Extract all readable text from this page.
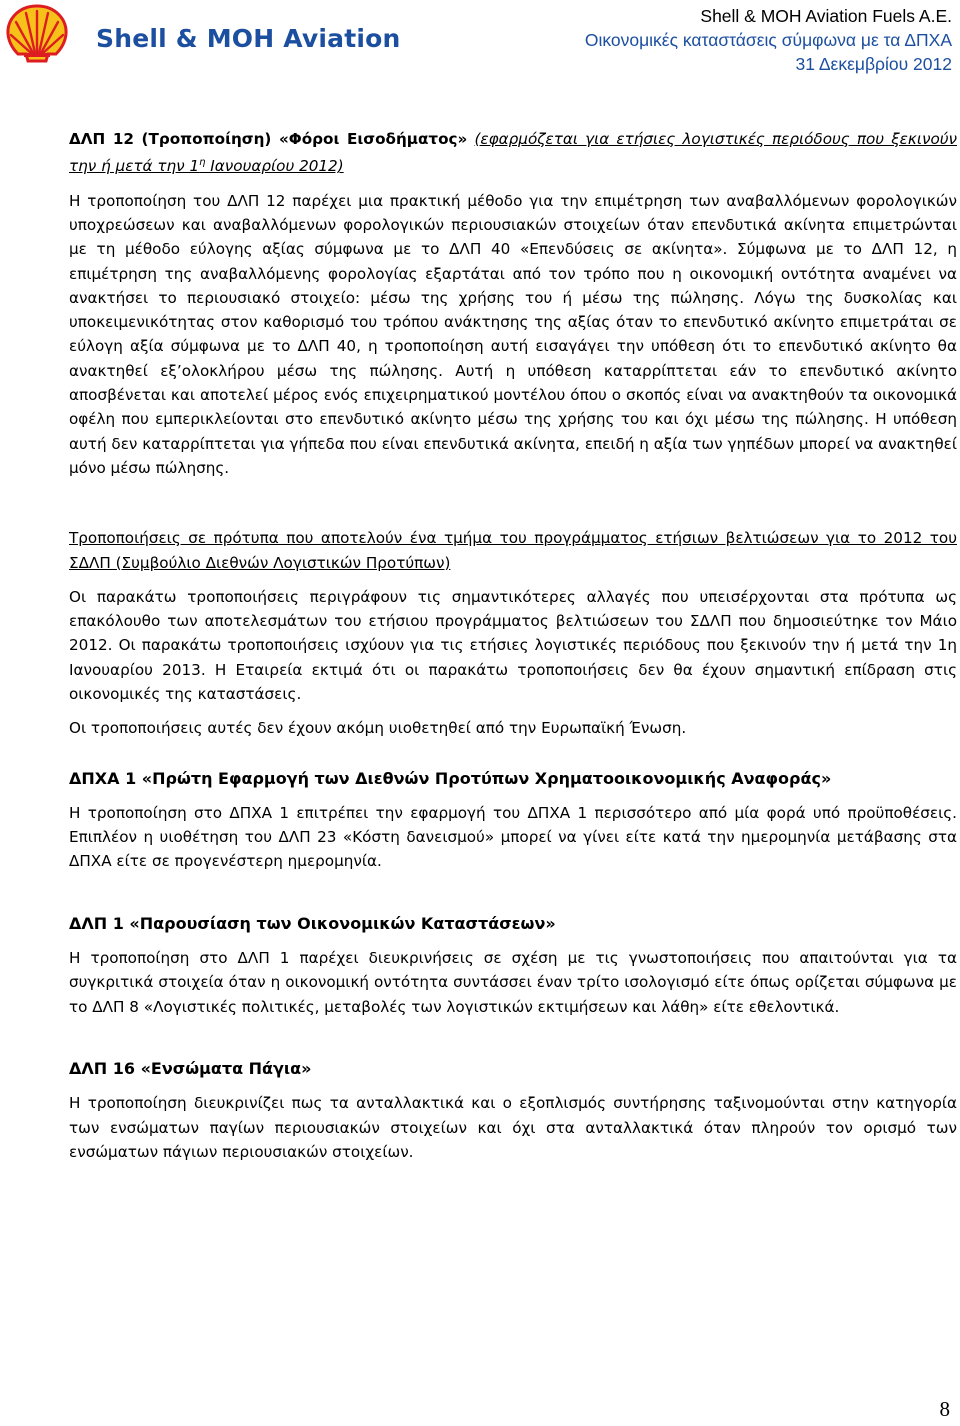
Shell & MOH Aviation
Shell & MOH Aviation Fuels A.E.
Οικονομικές καταστάσεις σύμφωνα με τα ΔΠΧΑ
31 Δεκεμβρίου 2012

ΔΛΠ 12 (Τροποποίηση) «Φόροι Εισοδήματος» (εφαρμόζεται για ετήσιες λογιστικές περιόδους που ξεκινούν την ή μετά την $1^\eta$ Ιανουαρίου 2012)

Η τροποποίηση του ΔΛΠ 12 παρέχει μια πρακτική μέθοδο για την επιμέτρηση των αναβαλλόμενων φορολογικών υποχρεώσεων και αναβαλλόμενων φορολογικών περιουσιακών στοιχείων όταν επενδυτικά ακίνητα επιμετρώνται με τη μέθοδο εύλογης αξίας σύμφωνα με το ΔΛΠ 40 «Επενδύσεις σε ακίνητα». Σύμφωνα με το ΔΛΠ 12, η επιμέτρηση της αναβαλλόμενης φορολογίας εξαρτάται από τον τρόπο που η οικονομική οντότητα αναμένει να ανακτήσει το περιουσιακό στοιχείο: μέσω της χρήσης του ή μέσω της πώλησης. Λόγω της δυσκολίας και υποκειμενικότητας στον καθορισμό του τρόπου ανάκτησης της αξίας όταν το επενδυτικό ακίνητο επιμετράται σε εύλογη αξία σύμφωνα με το ΔΛΠ 40, η τροποποίηση αυτή εισαγάγει την υπόθεση ότι το επενδυτικό ακίνητο θα ανακτηθεί εξ’ολοκλήρου μέσω της πώλησης. Αυτή η υπόθεση καταρρίπτεται εάν το επενδυτικό ακίνητο αποσβένεται και αποτελεί μέρος ενός επιχειρηματικού μοντέλου όπου ο σκοπός είναι να ανακτηθούν τα οικονομικά οφέλη που εμπερικλείονται στο επενδυτικό ακίνητο μέσω της χρήσης του και όχι μέσω της πώλησης. Η υπόθεση αυτή δεν καταρρίπτεται για γήπεδα που είναι επενδυτικά ακίνητα, επειδή η αξία των γηπέδων μπορεί να ανακτηθεί μόνο μέσω πώλησης.

Τροποποιήσεις σε πρότυπα που αποτελούν ένα τμήμα του προγράμματος ετήσιων βελτιώσεων για το 2012 του ΣΔΛΠ (Συμβούλιο Διεθνών Λογιστικών Προτύπων)

Οι παρακάτω τροποποιήσεις περιγράφουν τις σημαντικότερες αλλαγές που υπεισέρχονται στα πρότυπα ως επακόλουθο των αποτελεσμάτων του ετήσιου προγράμματος βελτιώσεων του ΣΔΛΠ που δημοσιεύτηκε τον Μάιο 2012. Οι παρακάτω τροποποιήσεις ισχύουν για τις ετήσιες λογιστικές περιόδους που ξεκινούν την ή μετά την 1η Ιανουαρίου 2013. Η Εταιρεία εκτιμά ότι οι παρακάτω τροποποιήσεις δεν θα έχουν σημαντική επίδραση στις οικονομικές της καταστάσεις.

Οι τροποποιήσεις αυτές δεν έχουν ακόμη υιοθετηθεί από την Ευρωπαϊκή Ένωση.

ΔΠΧΑ 1 «Πρώτη Εφαρμογή των Διεθνών Προτύπων Χρηματοοικονομικής Αναφοράς»

Η τροποποίηση στο ΔΠΧΑ 1 επιτρέπει την εφαρμογή του ΔΠΧΑ 1 περισσότερο από μία φορά υπό προϋποθέσεις. Επιπλέον η υιοθέτηση του ΔΛΠ 23 «Κόστη δανεισμού» μπορεί να γίνει είτε κατά την ημερομηνία μετάβασης στα ΔΠΧΑ είτε σε προγενέστερη ημερομηνία.

ΔΛΠ 1 «Παρουσίαση των Οικονομικών Καταστάσεων»

Η τροποποίηση στο ΔΛΠ 1 παρέχει διευκρινήσεις σε σχέση με τις γνωστοποιήσεις που απαιτούνται για τα συγκριτικά στοιχεία όταν η οικονομική οντότητα συντάσσει έναν τρίτο ισολογισμό είτε όπως ορίζεται σύμφωνα με το ΔΛΠ 8 «Λογιστικές πολιτικές, μεταβολές των λογιστικών εκτιμήσεων και λάθη» είτε εθελοντικά.

ΔΛΠ 16 «Ενσώματα Πάγια»

Η τροποποίηση διευκρινίζει πως τα ανταλλακτικά και ο εξοπλισμός συντήρησης ταξινομούνται στην κατηγορία των ενσώματων παγίων περιουσιακών στοιχείων και όχι στα ανταλλακτικά όταν πληρούν τον ορισμό των ενσώματων πάγιων περιουσιακών στοιχείων.

8
